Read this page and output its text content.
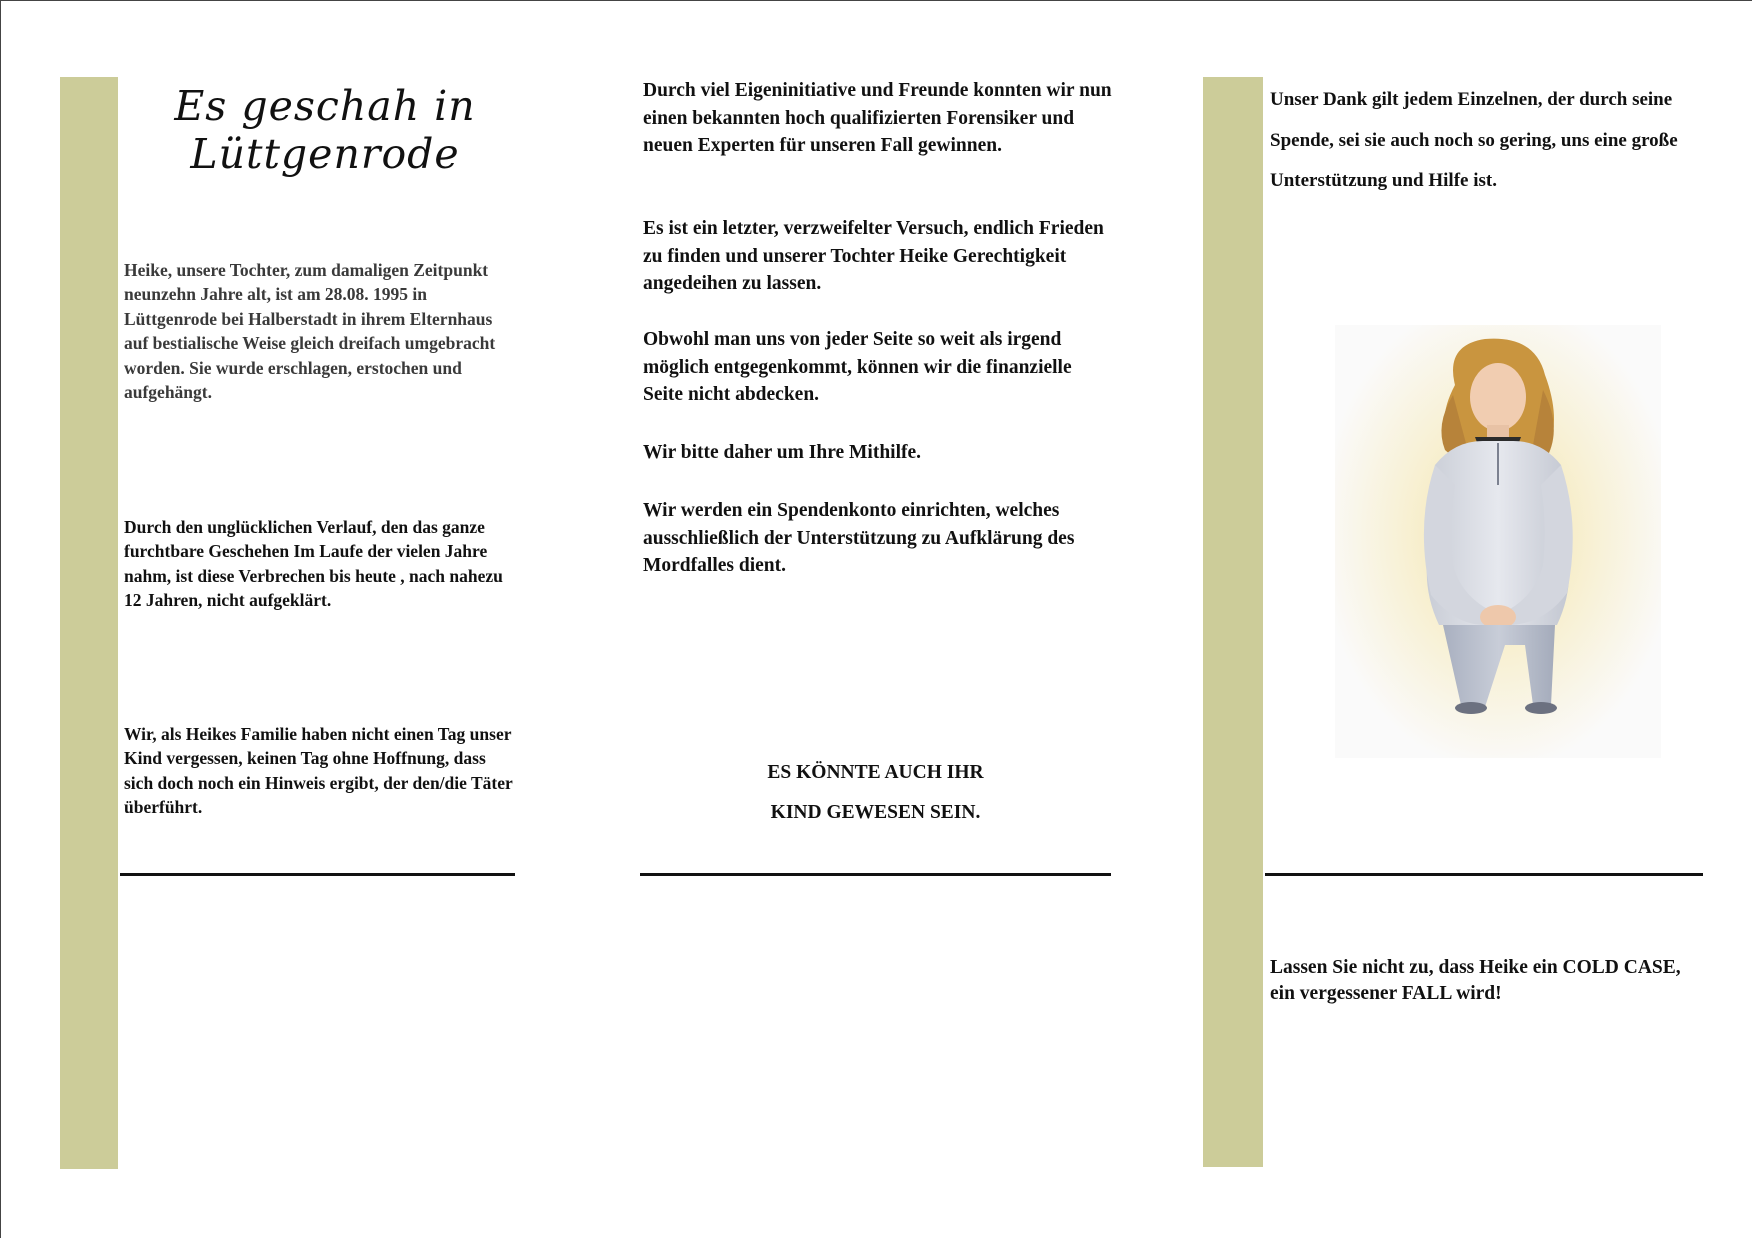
Es geschah in Lüttgenrode

Heike, unsere Tochter, zum damaligen Zeitpunkt neunzehn Jahre alt, ist am 28.08. 1995 in Lüttgenrode bei Halberstadt in ihrem Elternhaus auf bestialische Weise gleich dreifach umgebracht worden. Sie wurde erschlagen, erstochen und aufgehängt.

Durch den unglücklichen Verlauf, den das ganze furchtbare Geschehen Im Laufe der vielen Jahre nahm, ist diese Verbrechen bis heute , nach nahezu 12 Jahren, nicht aufgeklärt.

Wir, als Heikes Familie haben nicht einen Tag unser Kind vergessen, keinen Tag ohne Hoffnung, dass sich doch noch ein Hinweis ergibt, der den/die Täter überführt.

Durch viel Eigeninitiative und Freunde konnten wir nun einen bekannten hoch qualifizierten Forensiker und neuen Experten für unseren Fall gewinnen.

Es ist ein letzter, verzweifelter Versuch, endlich Frieden zu finden und unserer Tochter Heike Gerechtigkeit angedeihen zu lassen.

Obwohl man uns von jeder Seite so weit als irgend möglich entgegenkommt, können wir die finanzielle Seite nicht abdecken.

Wir bitte daher um Ihre Mithilfe.

Wir werden ein Spendenkonto einrichten, welches ausschließlich der Unterstützung zu Aufklärung des Mordfalles dient.

ES KÖNNTE AUCH IHR
KIND GEWESEN SEIN.

Unser Dank gilt jedem Einzelnen, der durch seine Spende, sei sie auch noch so gering, uns eine große Unterstützung und Hilfe ist.

Lassen Sie nicht zu, dass Heike ein COLD CASE, ein vergessener FALL wird!
